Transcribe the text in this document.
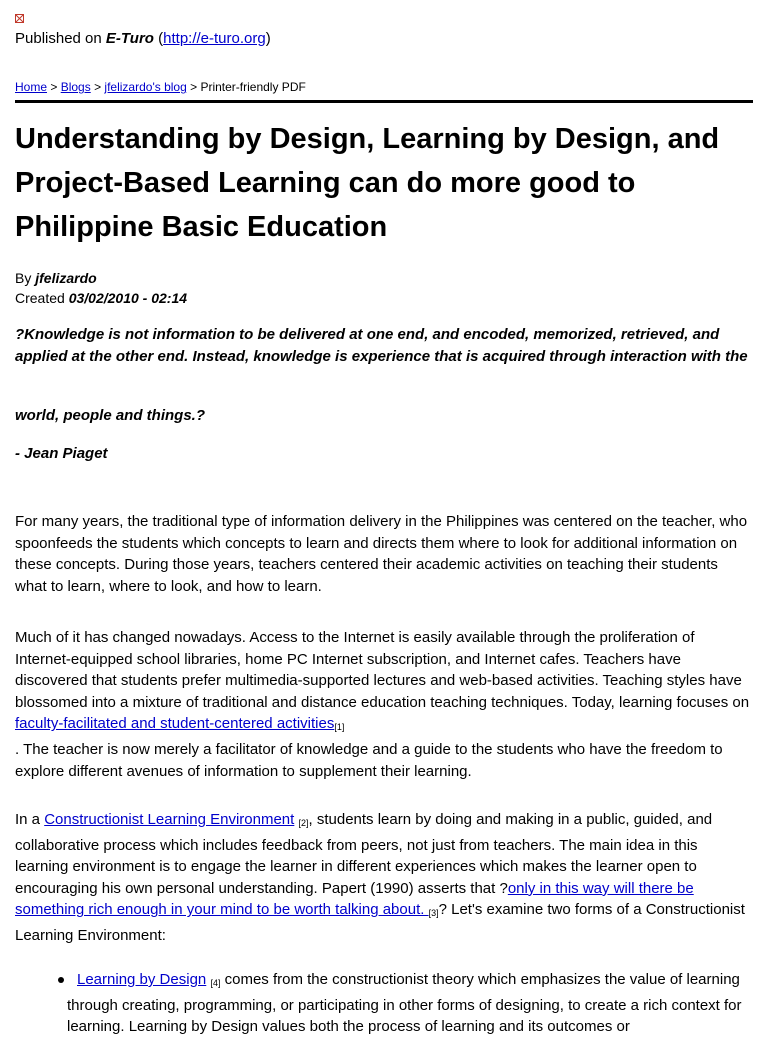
Published on E-Turo (http://e-turo.org)
Home > Blogs > jfelizardo's blog > Printer-friendly PDF
Understanding by Design, Learning by Design, and Project-Based Learning can do more good to Philippine Basic Education
By jfelizardo
Created 03/02/2010 - 02:14

?Knowledge is not information to be delivered at one end, and encoded, memorized, retrieved, and applied at the other end. Instead, knowledge is experience that is acquired through interaction with the

world, people and things.?

- Jean Piaget

For many years, the traditional type of information delivery in the Philippines was centered on the teacher, who spoonfeeds the students which concepts to learn and directs them where to look for additional information on these concepts. During those years, teachers centered their academic activities on teaching their students what to learn, where to look, and how to learn.

Much of it has changed nowadays. Access to the Internet is easily available through the proliferation of Internet-equipped school libraries, home PC Internet subscription, and Internet cafes. Teachers have discovered that students prefer multimedia-supported lectures and web-based activities. Teaching styles have blossomed into a mixture of traditional and distance education teaching techniques. Today, learning focuses on faculty-facilitated and student-centered activities[1]
. The teacher is now merely a facilitator of knowledge and a guide to the students who have the freedom to explore different avenues of information to supplement their learning.

In a Constructionist Learning Environment [2], students learn by doing and making in a public, guided, and collaborative process which includes feedback from peers, not just from teachers. The main idea in this learning environment is to engage the learner in different experiences which makes the learner open to encouraging his own personal understanding. Papert (1990) asserts that ?only in this way will there be something rich enough in your mind to be worth talking about. [3]? Let's examine two forms of a Constructionist Learning Environment:

Learning by Design [4] comes from the constructionist theory which emphasizes the value of learning through creating, programming, or participating in other forms of designing, to create a rich context for learning. Learning by Design values both the process of learning and its outcomes or
